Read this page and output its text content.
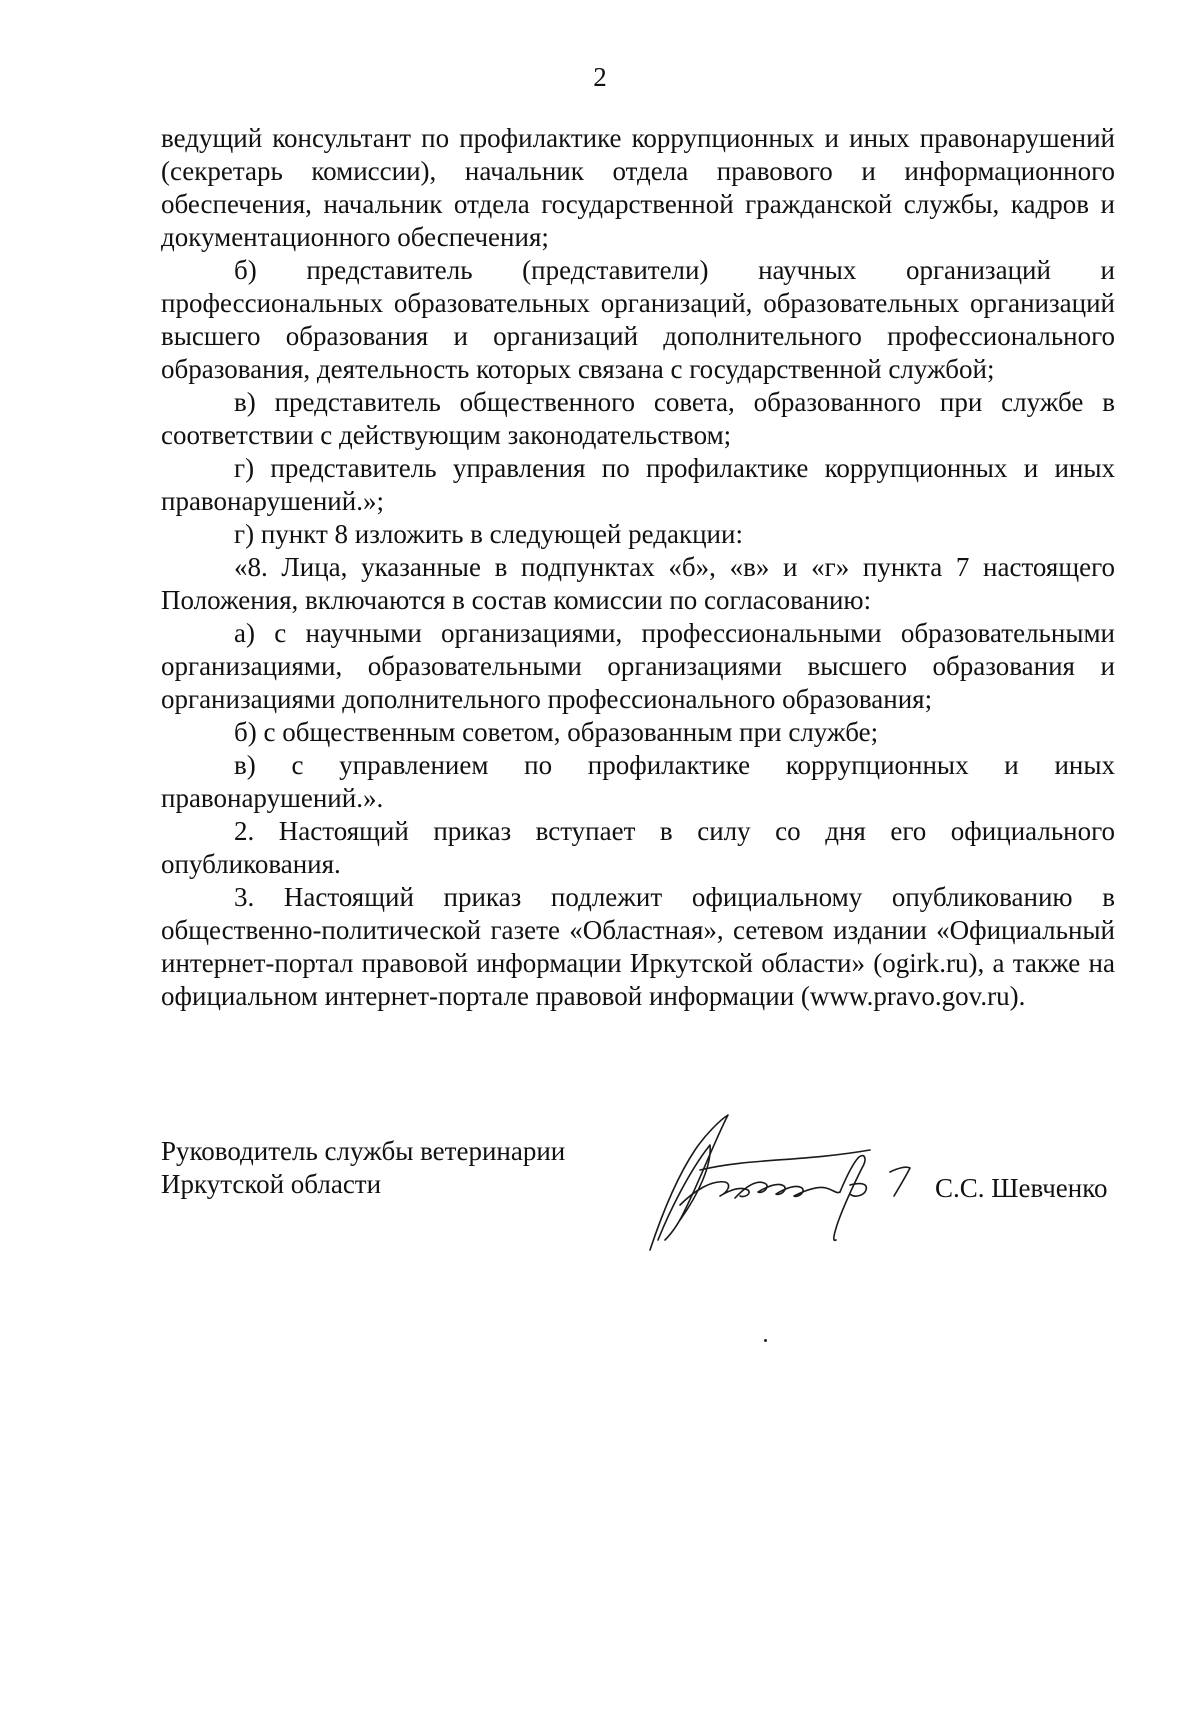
2

ведущий консультант по профилактике коррупционных и иных правонарушений (секретарь комиссии), начальник отдела правового и информационного обеспечения, начальник отдела государственной гражданской службы, кадров и документационного обеспечения;

б) представитель (представители) научных организаций и профессиональных образовательных организаций, образовательных организаций высшего образования и организаций дополнительного профессионального образования, деятельность которых связана с государственной службой;

в) представитель общественного совета, образованного при службе в соответствии с действующим законодательством;

г) представитель управления по профилактике коррупционных и иных правонарушений.»;

г) пункт 8 изложить в следующей редакции:

«8. Лица, указанные в подпунктах «б», «в» и «г» пункта 7 настоящего Положения, включаются в состав комиссии по согласованию:

а) с научными организациями, профессиональными образовательными организациями, образовательными организациями высшего образования и организациями дополнительного профессионального образования;

б) с общественным советом, образованным при службе;

в) с управлением по профилактике коррупционных и иных правонарушений.».

2. Настоящий приказ вступает в силу со дня его официального опубликования.

3. Настоящий приказ подлежит официальному опубликованию в общественно-политической газете «Областная», сетевом издании «Официальный интернет-портал правовой информации Иркутской области» (ogirk.ru), а также на официальном интернет-портале правовой информации (www.pravo.gov.ru).

Руководитель службы ветеринарии
Иркутской области	С.С. Шевченко
